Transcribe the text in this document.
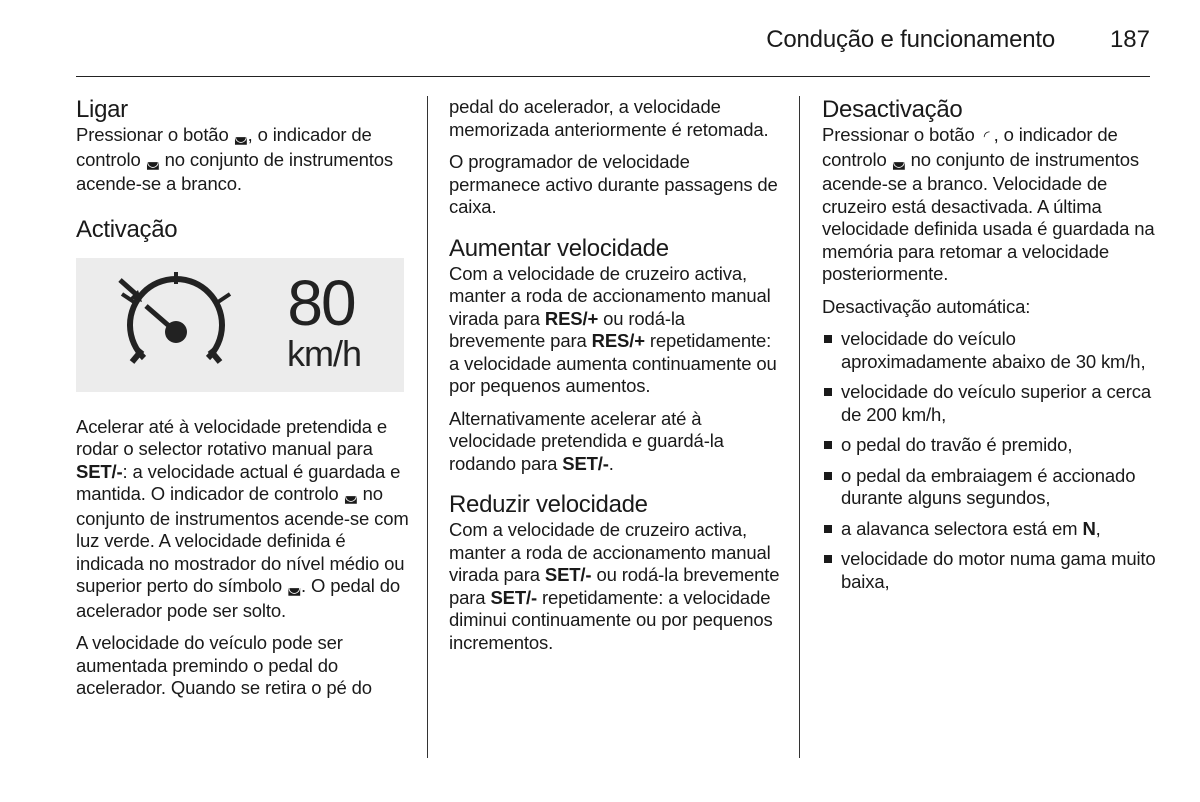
Condução e funcionamento 187
Ligar

Pressionar o botão ◛, o indicador de controlo ◛ no conjunto de instrumentos acende-se a branco.

Activação
80
km/h

Acelerar até à velocidade pretendida e rodar o selector rotativo manual para SET/-: a velocidade actual é guardada e mantida. O indicador de controlo ◛ no conjunto de instrumentos acende-se com luz verde. A velocidade definida é indicada no mostrador do nível médio ou superior perto do símbolo ◛. O pedal do acelerador pode ser solto.

A velocidade do veículo pode ser aumentada premindo o pedal do acelerador. Quando se retira o pé do

pedal do acelerador, a velocidade memorizada anteriormente é retomada.

O programador de velocidade permanece activo durante passagens de caixa.

Aumentar velocidade

Com a velocidade de cruzeiro activa, manter a roda de accionamento manual virada para RES/+ ou rodá-la brevemente para RES/+ repetidamente: a velocidade aumenta continuamente ou por pequenos aumentos.

Alternativamente acelerar até à velocidade pretendida e guardá-la rodando para SET/-.

Reduzir velocidade

Com a velocidade de cruzeiro activa, manter a roda de accionamento manual virada para SET/- ou rodá-la brevemente para SET/- repetidamente: a velocidade diminui continuamente ou por pequenos incrementos.

Desactivação

Pressionar o botão ◜ , o indicador de controlo ◛ no conjunto de instrumentos acende-se a branco. Velocidade de cruzeiro está desactivada. A última velocidade definida usada é guardada na memória para retomar a velocidade posteriormente.

Desactivação automática:

velocidade do veículo aproximadamente abaixo de 30 km/h,
velocidade do veículo superior a cerca de 200 km/h,
o pedal do travão é premido,
o pedal da embraiagem é accionado durante alguns segundos,
a alavanca selectora está em N,
velocidade do motor numa gama muito baixa,
